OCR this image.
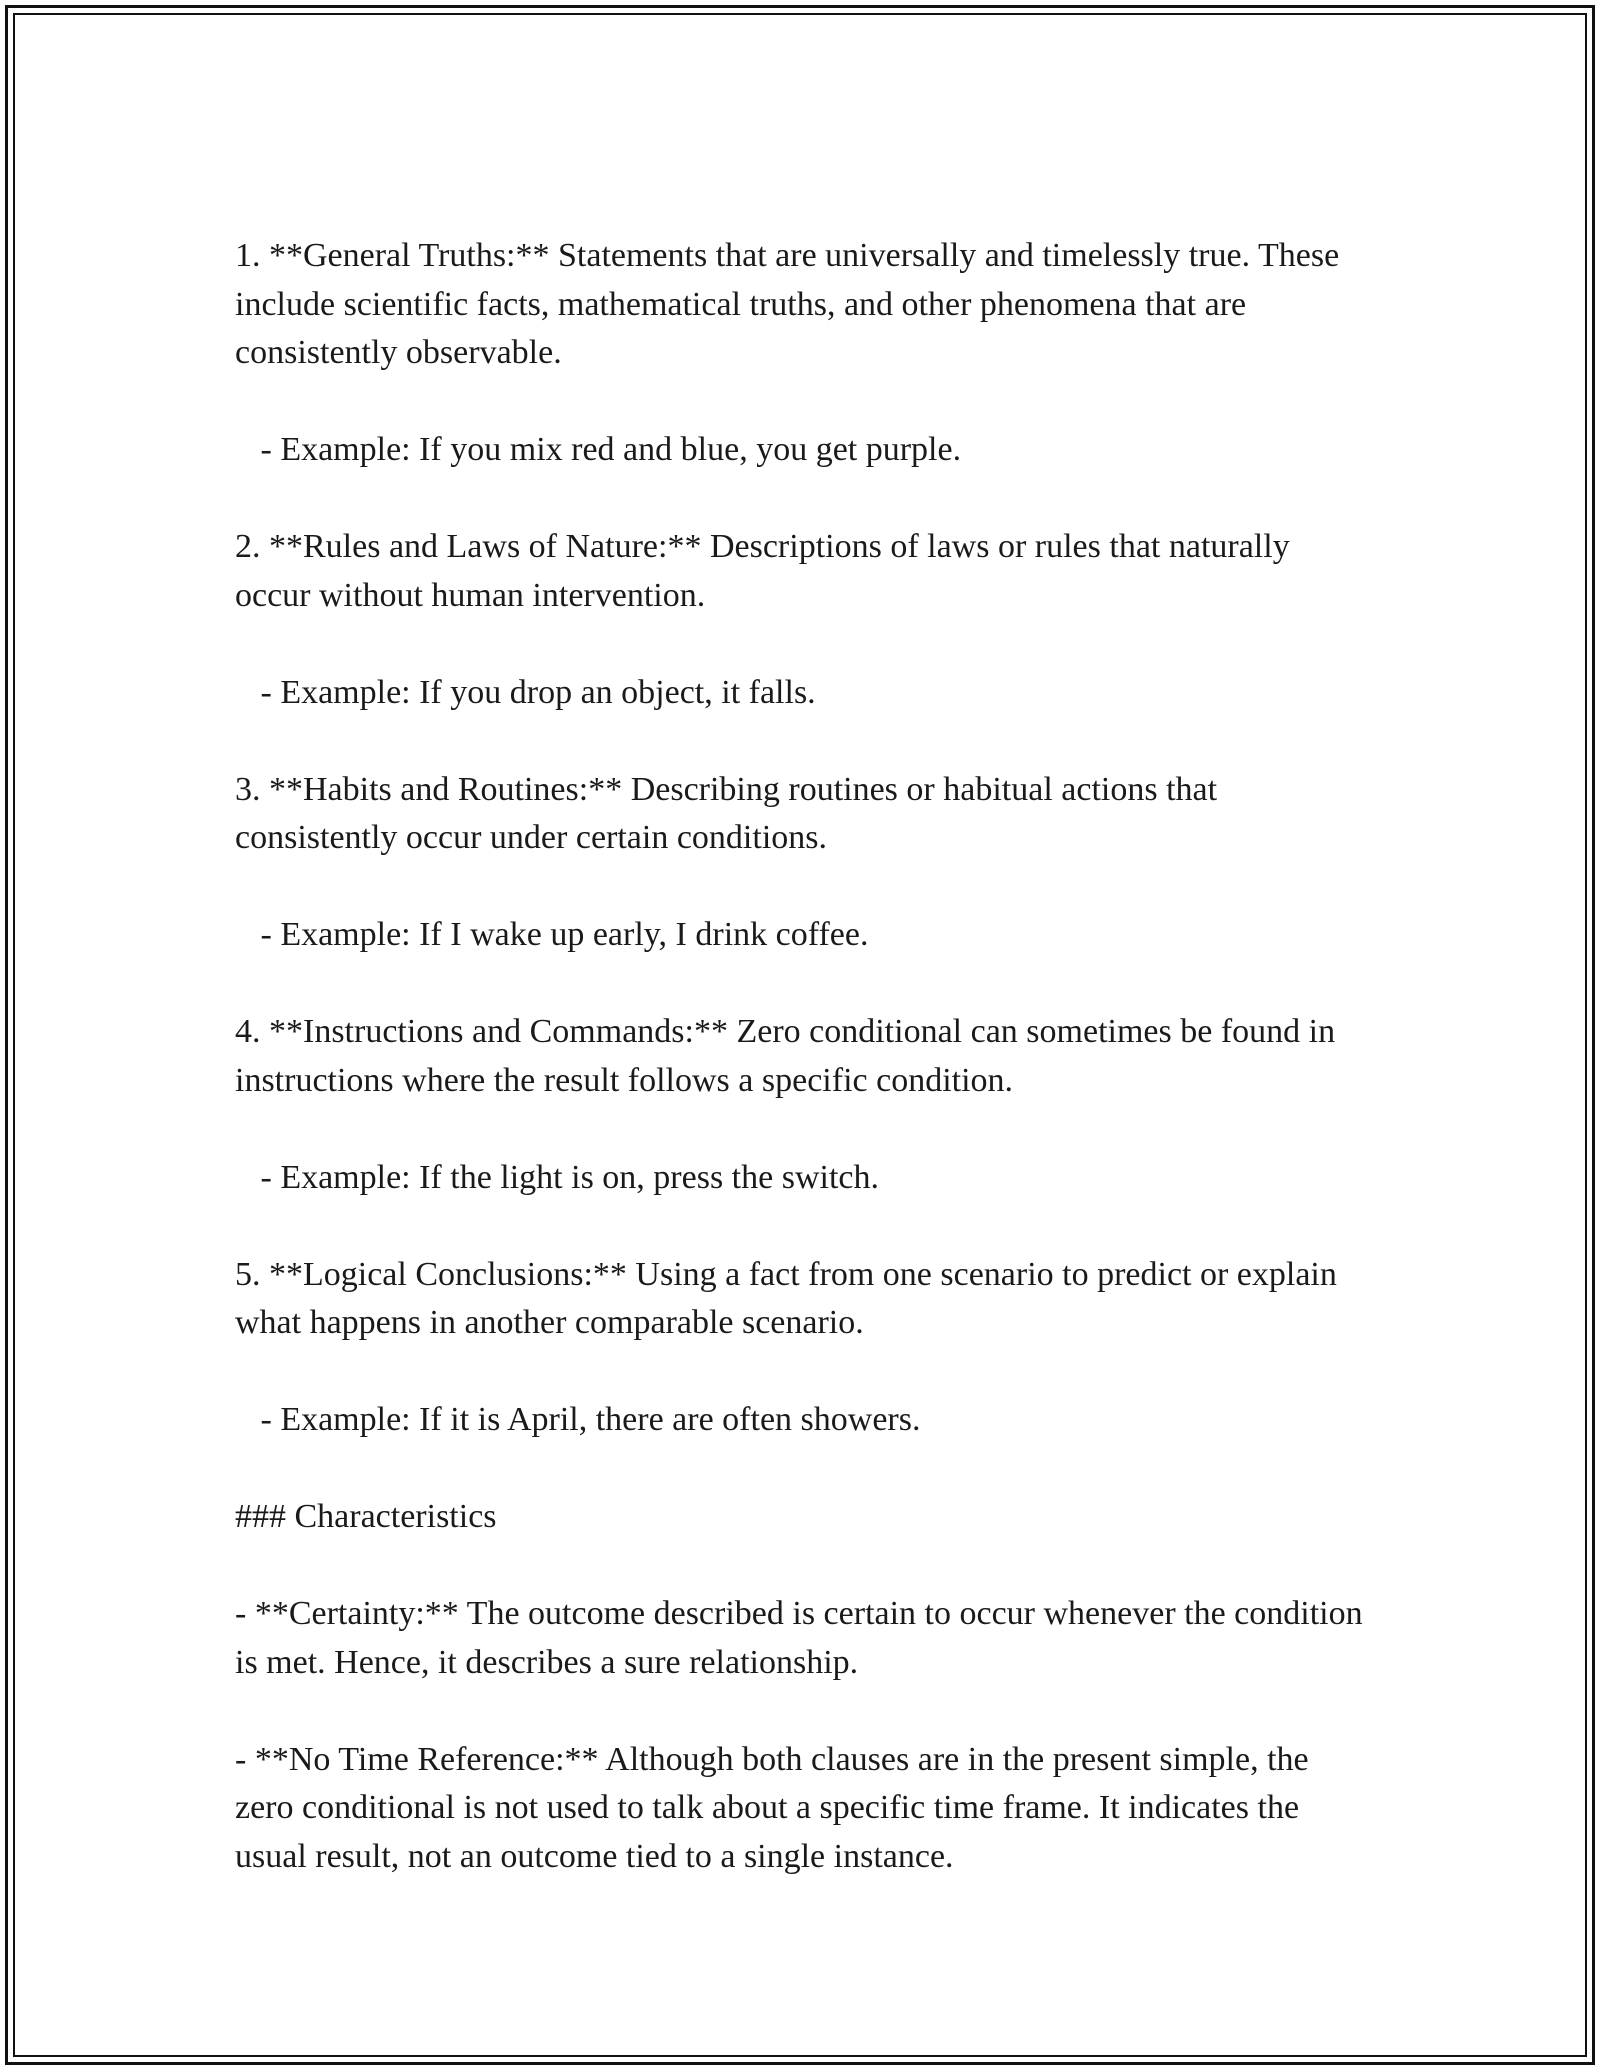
1. **General Truths:** Statements that are universally and timelessly true. These include scientific facts, mathematical truths, and other phenomena that are consistently observable.

- Example: If you mix red and blue, you get purple.

2. **Rules and Laws of Nature:** Descriptions of laws or rules that naturally occur without human intervention.

- Example: If you drop an object, it falls.

3. **Habits and Routines:** Describing routines or habitual actions that consistently occur under certain conditions.

- Example: If I wake up early, I drink coffee.

4. **Instructions and Commands:** Zero conditional can sometimes be found in instructions where the result follows a specific condition.

- Example: If the light is on, press the switch.

5. **Logical Conclusions:** Using a fact from one scenario to predict or explain what happens in another comparable scenario.

- Example: If it is April, there are often showers.

### Characteristics

- **Certainty:** The outcome described is certain to occur whenever the condition is met. Hence, it describes a sure relationship.

- **No Time Reference:** Although both clauses are in the present simple, the zero conditional is not used to talk about a specific time frame. It indicates the usual result, not an outcome tied to a single instance.
